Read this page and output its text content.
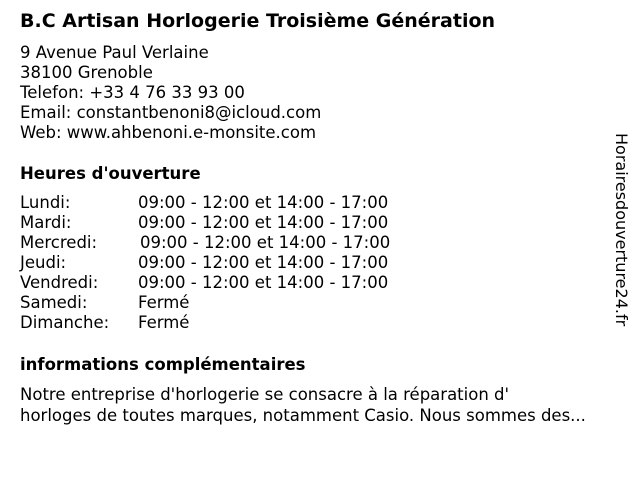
B.C Artisan Horlogerie Troisième Génération
9 Avenue Paul Verlaine
38100 Grenoble
Telefon: +33 4 76 33 93 00
Email: constantbenoni8@icloud.com
Web: www.ahbenoni.e-monsite.com
Heures d'ouverture
Lundi:	09:00 - 12:00 et 14:00 - 17:00
Mardi:	09:00 - 12:00 et 14:00 - 17:00
Mercredi:	09:00 - 12:00 et 14:00 - 17:00
Jeudi:	09:00 - 12:00 et 14:00 - 17:00
Vendredi:	09:00 - 12:00 et 14:00 - 17:00
Samedi:	Fermé
Dimanche:	Fermé
informations complémentaires
Notre entreprise d'horlogerie se consacre à la réparation d'
horloges de toutes marques, notamment Casio. Nous sommes des...
Horairesdouverture24.fr
